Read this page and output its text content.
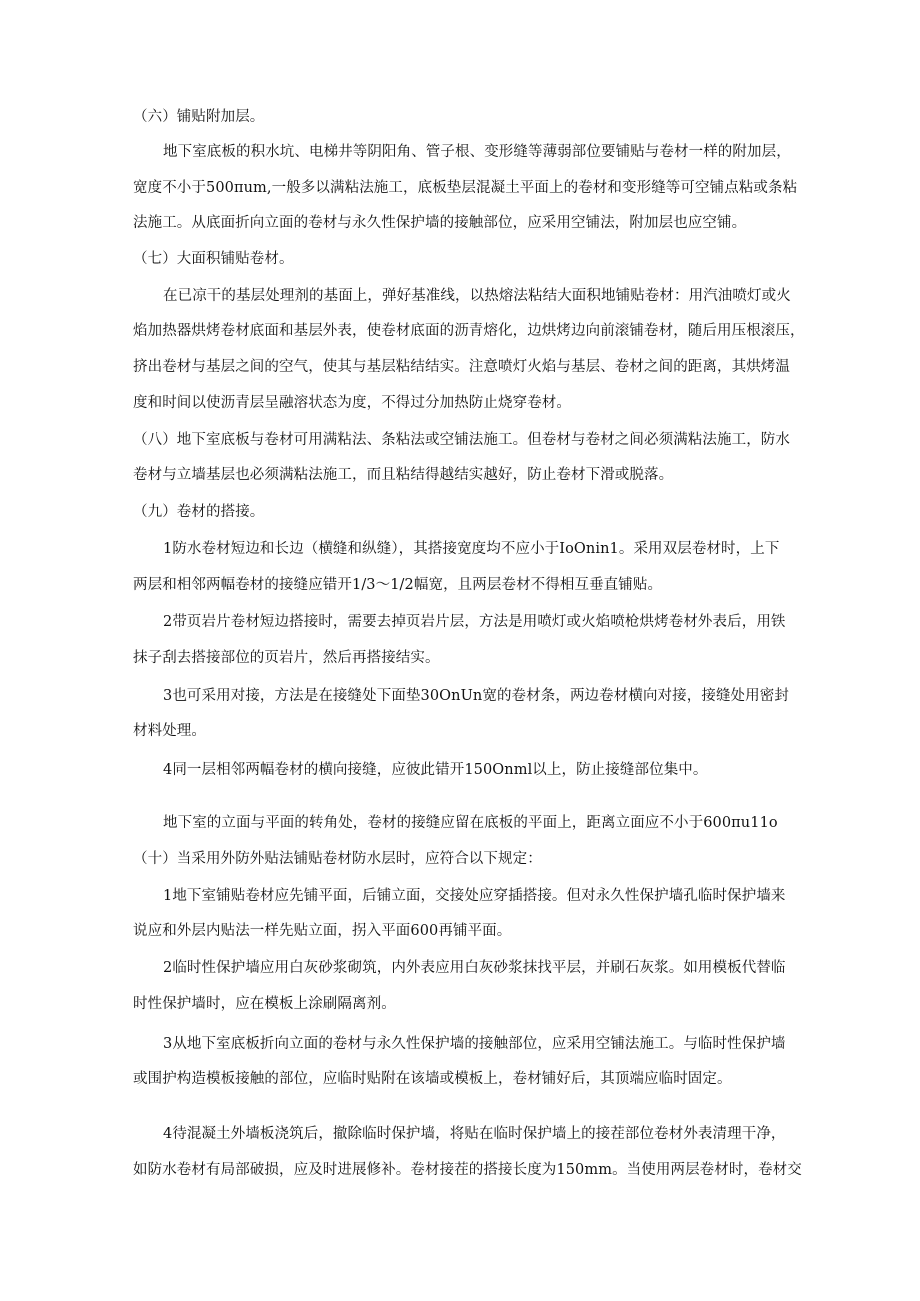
（六）铺贴附加层。
地下室底板的积水坑、电梯井等阴阳角、管子根、变形缝等薄弱部位要铺贴与卷材一样的附加层，
宽度不小于500πum,一般多以满粘法施工，底板垫层混凝土平面上的卷材和变形缝等可空铺点粘或条粘
法施工。从底面折向立面的卷材与永久性保护墙的接触部位，应采用空铺法，附加层也应空铺。
（七）大面积铺贴卷材。
在已凉干的基层处理剂的基面上，弹好基准线，以热熔法粘结大面积地铺贴卷材：用汽油喷灯或火
焰加热器烘烤卷材底面和基层外表，使卷材底面的沥青熔化，边烘烤边向前滚铺卷材，随后用压根滚压，
挤出卷材与基层之间的空气，使其与基层粘结结实。注意喷灯火焰与基层、卷材之间的距离，其烘烤温
度和时间以使沥青层呈融溶状态为度，不得过分加热防止烧穿卷材。
（八）地下室底板与卷材可用满粘法、条粘法或空铺法施工。但卷材与卷材之间必须满粘法施工，防水
卷材与立墙基层也必须满粘法施工，而且粘结得越结实越好，防止卷材下滑或脱落。
（九）卷材的搭接。
1防水卷材短边和长边（横缝和纵缝），其搭接宽度均不应小于IoOnin1。采用双层卷材时，上下
两层和相邻两幅卷材的接缝应错开1/3～1/2幅宽，且两层卷材不得相互垂直铺贴。
2带页岩片卷材短边搭接时，需要去掉页岩片层，方法是用喷灯或火焰喷枪烘烤卷材外表后，用铁
抹子刮去搭接部位的页岩片，然后再搭接结实。
3也可采用对接，方法是在接缝处下面垫30OnUn宽的卷材条，两边卷材横向对接，接缝处用密封
材料处理。
4同一层相邻两幅卷材的横向接缝，应彼此错开150Onml以上，防止接缝部位集中。
地下室的立面与平面的转角处，卷材的接缝应留在底板的平面上，距离立面应不小于600πu11o
（十）当采用外防外贴法铺贴卷材防水层时，应符合以下规定：
1地下室铺贴卷材应先铺平面，后铺立面，交接处应穿插搭接。但对永久性保护墙孔临时保护墙来
说应和外层内贴法一样先贴立面，拐入平面600再铺平面。
2临时性保护墙应用白灰砂浆砌筑，内外表应用白灰砂浆抹找平层，并刷石灰浆。如用模板代替临
时性保护墙时，应在模板上涂刷隔离剂。
3从地下室底板折向立面的卷材与永久性保护墙的接触部位，应采用空铺法施工。与临时性保护墙
或围护构造模板接触的部位，应临时贴附在该墙或模板上，卷材铺好后，其顶端应临时固定。
4待混凝土外墙板浇筑后，撤除临时保护墙，将贴在临时保护墙上的接茬部位卷材外表清理干净，
如防水卷材有局部破损，应及时进展修补。卷材接茬的搭接长度为150mm。当使用两层卷材时，卷材交
